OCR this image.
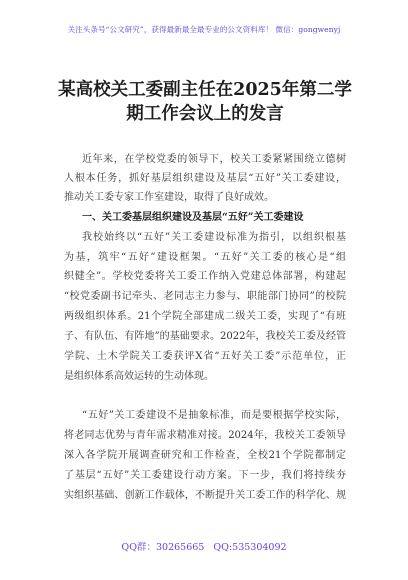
关注头条号“公文研究”，获得最新最全最专业的公文资料库！ 微信：gongwenyj
某高校关工委副主任在2025年第二学
期工作会议上的发言
近年来，在学校党委的领导下，校关工委紧紧围绕立德树
人根本任务，抓好基层组织建设及基层“五好”关工委建设，
推动关工委专家工作室建设，取得了良好成效。
一、关工委基层组织建设及基层“五好”关工委建设
我校始终以“五好”关工委建设标准为指引，以组织根基
为基，筑牢“五好”建设框架。“五好”关工委的核心是“组
织健全”。学校党委将关工委工作纳入党建总体部署，构建起
“校党委副书记牵头、老同志主力参与、职能部门协同”的校院
两级组织体系。21个学院全部建成二级关工委，实现了“有班
子、有队伍、有阵地”的基础要求。2022年，我校关工委及经管
学院、土木学院关工委获评X省“五好关工委”示范单位，正
是组织体系高效运转的生动体现。
“五好”关工委建设不是抽象标准，而是要根据学校实际，
将老同志优势与青年需求精准对接。2024年，我校关工委领导
深入各学院开展调查研究和工作检查，全校21个学院都制定
了基层“五好”关工委建设行动方案。下一步，我们将持续夯
实组织基础、创新工作载体，不断提升关工委工作的科学化、规
QQ群：30265665 QQ:535304092
